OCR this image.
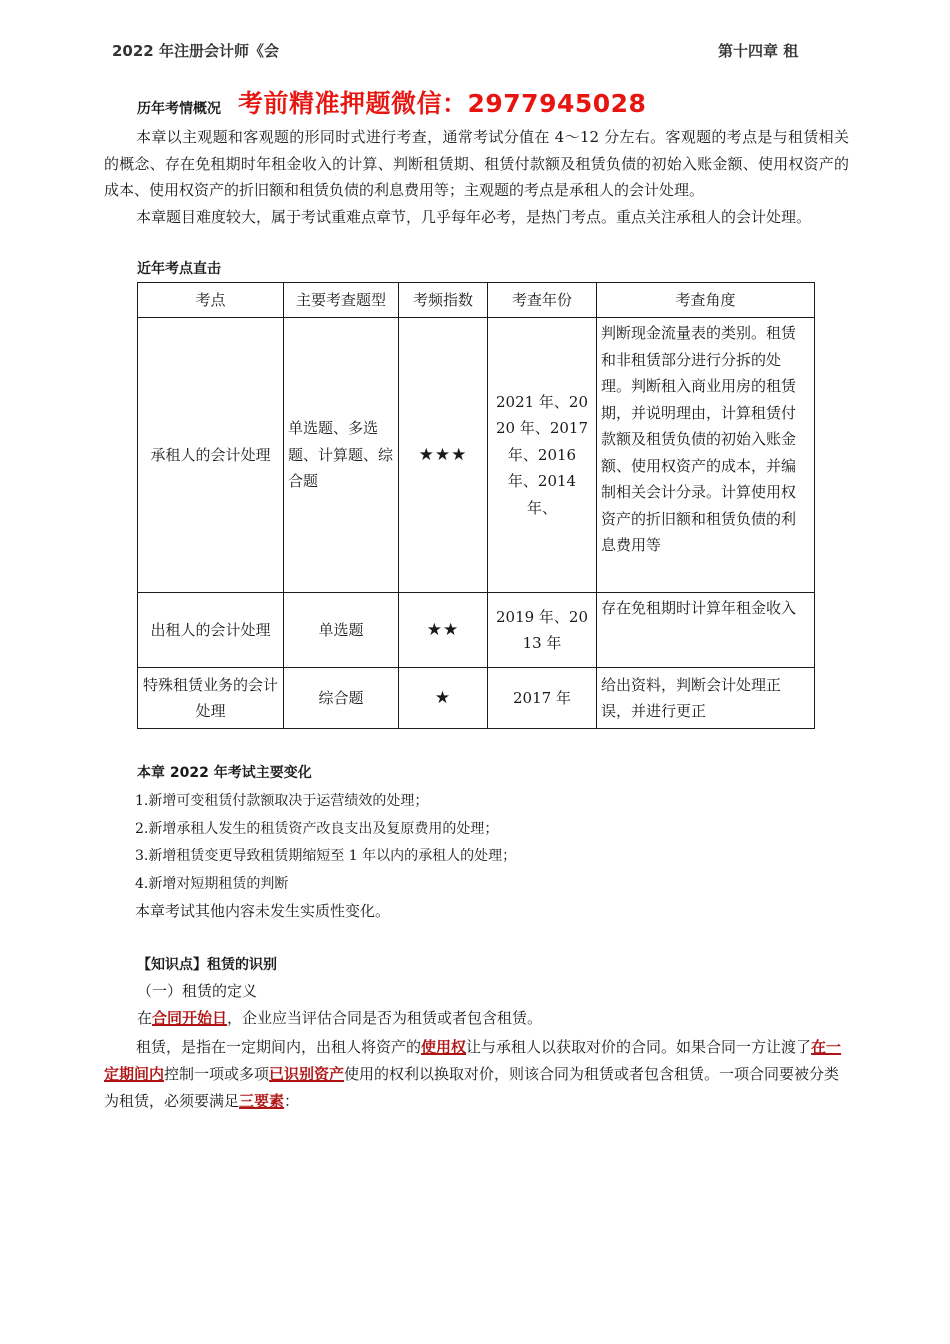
2022 年注册会计师《会	第十四章 租
历年考情概况 考前精准押题微信：2977945028
本章以主观题和客观题的形同时式进行考查，通常考试分值在 4～12 分左右。客观题的考点是与租赁相关的概念、存在免租期时年租金收入的计算、判断租赁期、租赁付款额及租赁负债的初始入账金额、使用权资产的成本、使用权资产的折旧额和租赁负债的利息费用等；主观题的考点是承租人的会计处理。
本章题目难度较大，属于考试重难点章节，几乎每年必考，是热门考点。重点关注承租人的会计处理。
近年考点直击
考点	主要考查题型	考频指数	考查年份	考查角度
承租人的会计处理	单选题、多选题、计算题、综合题	★★★	2021 年、2020 年、2017 年、2016 年、2014 年、	判断现金流量表的类别。租赁和非租赁部分进行分拆的处理。判断租入商业用房的租赁期，并说明理由，计算租赁付款额及租赁负债的初始入账金额、使用权资产的成本，并编制相关会计分录。计算使用权资产的折旧额和租赁负债的利息费用等
出租人的会计处理	单选题	★★	2019 年、2013 年	存在免租期时计算年租金收入
特殊租赁业务的会计处理	综合题	★	2017 年	给出资料，判断会计处理正误，并进行更正
本章 2022 年考试主要变化
1.新增可变租赁付款额取决于运营绩效的处理；
2.新增承租人发生的租赁资产改良支出及复原费用的处理；
3.新增租赁变更导致租赁期缩短至 1 年以内的承租人的处理；
4.新增对短期租赁的判断
本章考试其他内容未发生实质性变化。
【知识点】租赁的识别
（一）租赁的定义
在合同开始日，企业应当评估合同是否为租赁或者包含租赁。
租赁，是指在一定期间内，出租人将资产的使用权让与承租人以获取对价的合同。如果合同一方让渡了在一定期间内控制一项或多项已识别资产使用的权利以换取对价，则该合同为租赁或者包含租赁。一项合同要被分类为租赁，必须要满足三要素：
